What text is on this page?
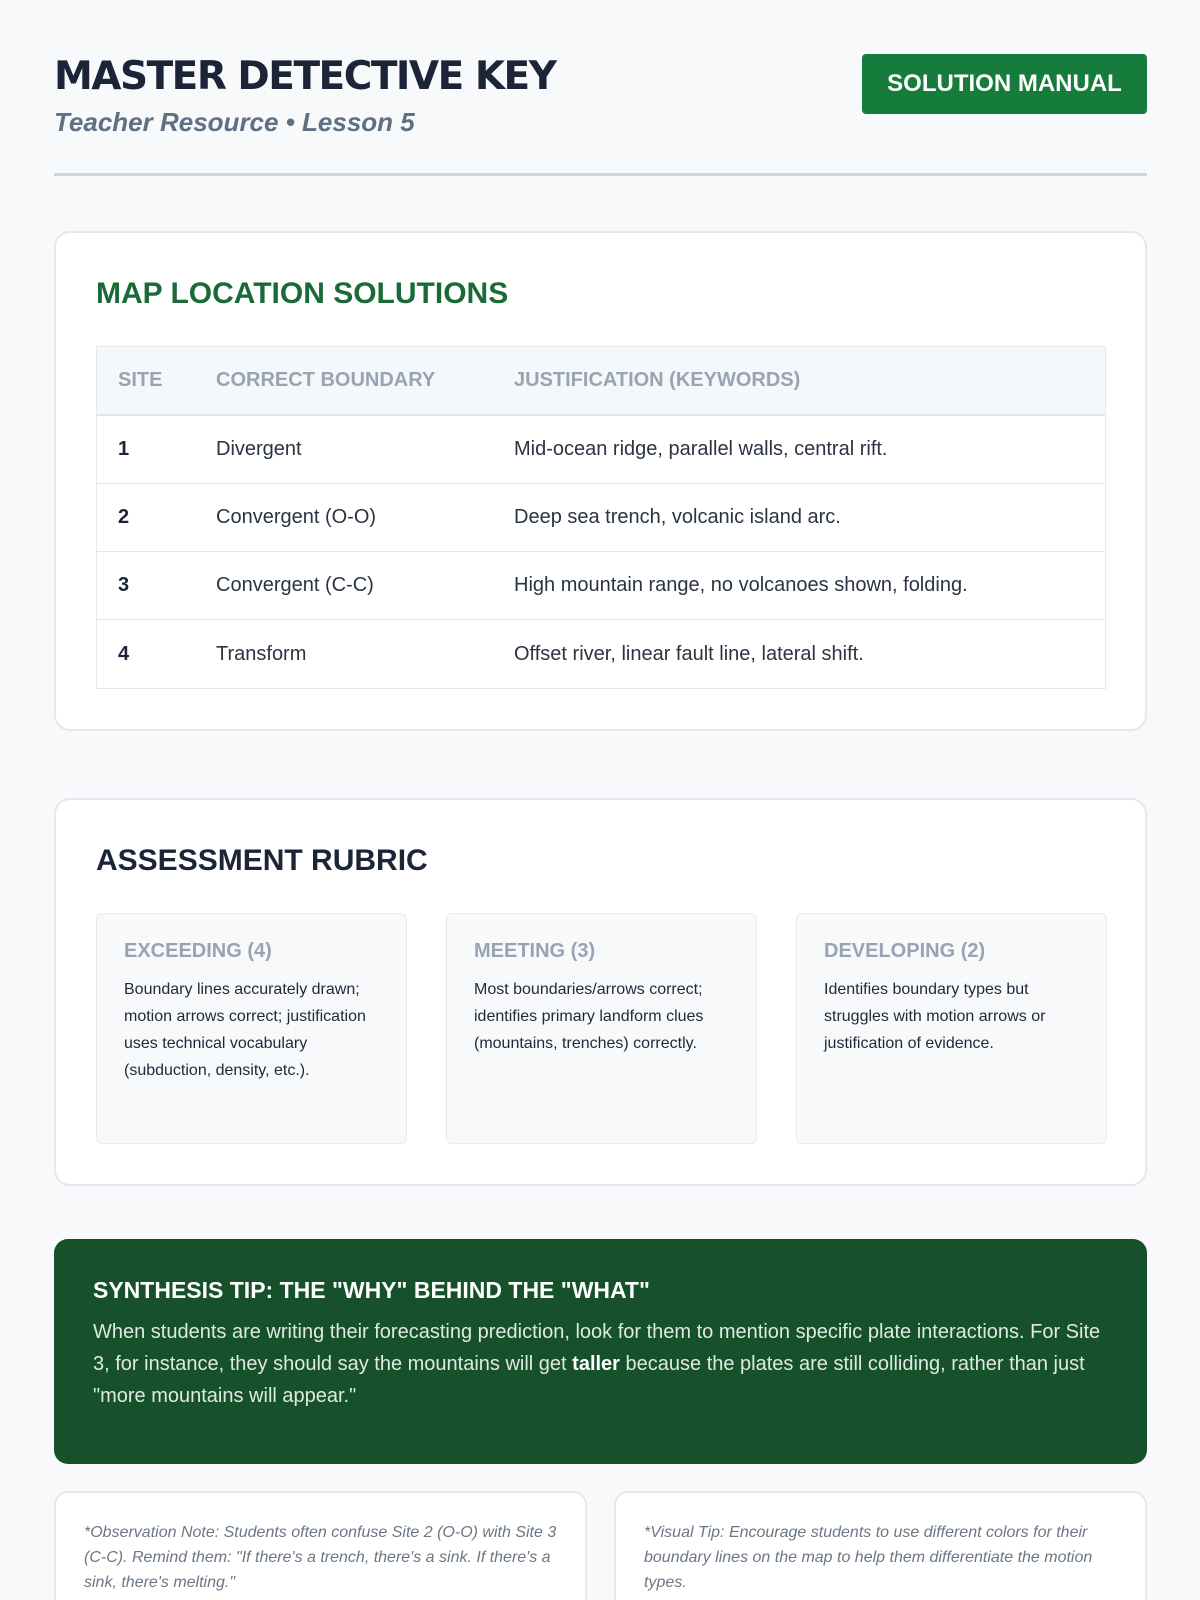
MASTER DETECTIVE KEY
Teacher Resource • Lesson 5
SOLUTION MANUAL
MAP LOCATION SOLUTIONS
SITE	CORRECT BOUNDARY	JUSTIFICATION (KEYWORDS)
1	Divergent	Mid-ocean ridge, parallel walls, central rift.
2	Convergent (O-O)	Deep sea trench, volcanic island arc.
3	Convergent (C-C)	High mountain range, no volcanoes shown, folding.
4	Transform	Offset river, linear fault line, lateral shift.
ASSESSMENT RUBRIC
EXCEEDING (4)
Boundary lines accurately drawn; motion arrows correct; justification uses technical vocabulary (subduction, density, etc.).
MEETING (3)
Most boundaries/arrows correct; identifies primary landform clues (mountains, trenches) correctly.
DEVELOPING (2)
Identifies boundary types but struggles with motion arrows or justification of evidence.
SYNTHESIS TIP: THE "WHY" BEHIND THE "WHAT"
When students are writing their forecasting prediction, look for them to mention specific plate interactions. For Site 3, for instance, they should say the mountains will get taller because the plates are still colliding, rather than just "more mountains will appear."
*Observation Note: Students often confuse Site 2 (O-O) with Site 3 (C-C). Remind them: "If there's a trench, there's a sink. If there's a sink, there's melting."
*Visual Tip: Encourage students to use different colors for their boundary lines on the map to help them differentiate the motion types.
